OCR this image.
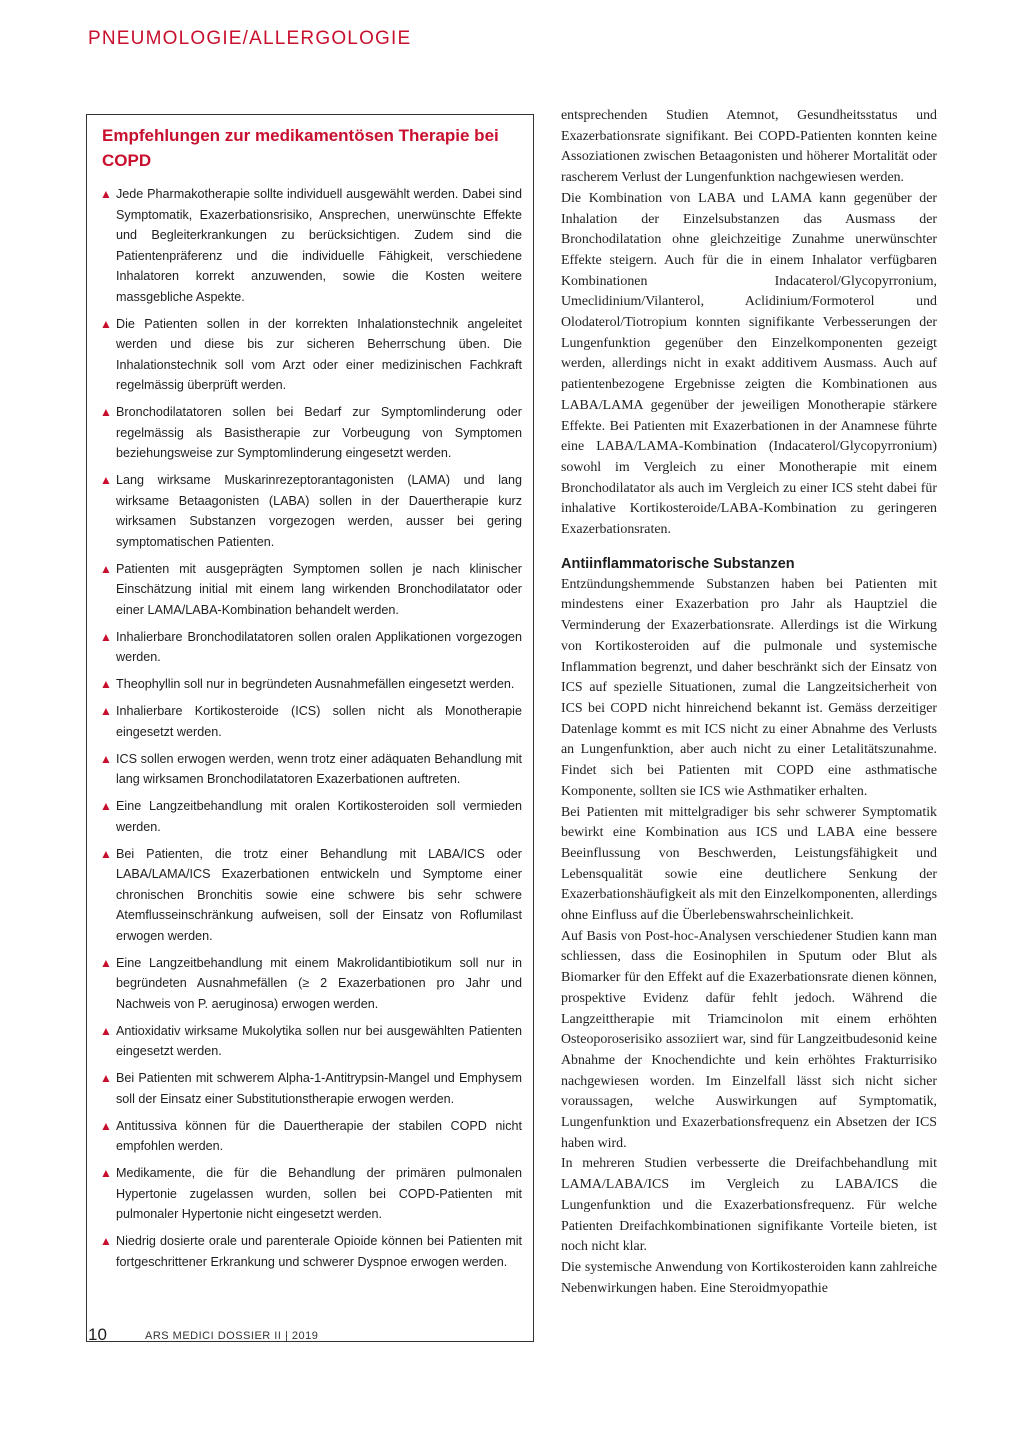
PNEUMOLOGIE/ALLERGOLOGIE
Empfehlungen zur medikamentösen Therapie bei COPD
▲ Jede Pharmakotherapie sollte individuell ausgewählt werden. Dabei sind Symptomatik, Exazerbationsrisiko, Ansprechen, unerwünschte Effekte und Begleiterkrankungen zu berücksichtigen. Zudem sind die Patientenpräferenz und die individuelle Fähigkeit, verschiedene Inhalatoren korrekt anzuwenden, sowie die Kosten weitere massgebliche Aspekte.
▲ Die Patienten sollen in der korrekten Inhalationstechnik angeleitet werden und diese bis zur sicheren Beherrschung üben. Die Inhalationstechnik soll vom Arzt oder einer medizinischen Fachkraft regelmässig überprüft werden.
▲ Bronchodilatatoren sollen bei Bedarf zur Symptomlinderung oder regelmässig als Basistherapie zur Vorbeugung von Symptomen beziehungsweise zur Symptomlinderung eingesetzt werden.
▲ Lang wirksame Muskarinrezeptorantagonisten (LAMA) und lang wirksame Betaagonisten (LABA) sollen in der Dauertherapie kurz wirksamen Substanzen vorgezogen werden, ausser bei gering symptomatischen Patienten.
▲ Patienten mit ausgeprägten Symptomen sollen je nach klinischer Einschätzung initial mit einem lang wirkenden Bronchodilatator oder einer LAMA/LABA-Kombination behandelt werden.
▲ Inhalierbare Bronchodilatatoren sollen oralen Applikationen vorgezogen werden.
▲ Theophyllin soll nur in begründeten Ausnahmefällen eingesetzt werden.
▲ Inhalierbare Kortikosteroide (ICS) sollen nicht als Monotherapie eingesetzt werden.
▲ ICS sollen erwogen werden, wenn trotz einer adäquaten Behandlung mit lang wirksamen Bronchodilatatoren Exazerbationen auftreten.
▲ Eine Langzeitbehandlung mit oralen Kortikosteroiden soll vermieden werden.
▲ Bei Patienten, die trotz einer Behandlung mit LABA/ICS oder LABA/LAMA/ICS Exazerbationen entwickeln und Symptome einer chronischen Bronchitis sowie eine schwere bis sehr schwere Atemflusseinschränkung aufweisen, soll der Einsatz von Roflumilast erwogen werden.
▲ Eine Langzeitbehandlung mit einem Makrolidantibiotikum soll nur in begründeten Ausnahmefällen (≥ 2 Exazerbationen pro Jahr und Nachweis von P. aeruginosa) erwogen werden.
▲ Antioxidativ wirksame Mukolytika sollen nur bei ausgewählten Patienten eingesetzt werden.
▲ Bei Patienten mit schwerem Alpha-1-Antitrypsin-Mangel und Emphysem soll der Einsatz einer Substitutionstherapie erwogen werden.
▲ Antitussiva können für die Dauertherapie der stabilen COPD nicht empfohlen werden.
▲ Medikamente, die für die Behandlung der primären pulmonalen Hypertonie zugelassen wurden, sollen bei COPD-Patienten mit pulmonaler Hypertonie nicht eingesetzt werden.
▲ Niedrig dosierte orale und parenterale Opioide können bei Patienten mit fortgeschrittener Erkrankung und schwerer Dyspnoe erwogen werden.

entsprechenden Studien Atemnot, Gesundheitsstatus und Exazerbationsrate signifikant. Bei COPD-Patienten konnten keine Assoziationen zwischen Betaagonisten und höherer Mortalität oder rascherem Verlust der Lungenfunktion nachgewiesen werden.

Die Kombination von LABA und LAMA kann gegenüber der Inhalation der Einzelsubstanzen das Ausmass der Bronchodilatation ohne gleichzeitige Zunahme unerwünschter Effekte steigern. Auch für die in einem Inhalator verfügbaren Kombinationen Indacaterol/Glycopyrronium, Umeclidinium/Vilanterol, Aclidinium/Formoterol und Olodaterol/Tiotropium konnten signifikante Verbesserungen der Lungenfunktion gegenüber den Einzelkomponenten gezeigt werden, allerdings nicht in exakt additivem Ausmass. Auch auf patientenbezogene Ergebnisse zeigten die Kombinationen aus LABA/LAMA gegenüber der jeweiligen Monotherapie stärkere Effekte. Bei Patienten mit Exazerbationen in der Anamnese führte eine LABA/LAMA-Kombination (Indacaterol/Glycopyrronium) sowohl im Vergleich zu einer Monotherapie mit einem Bronchodilatator als auch im Vergleich zu einer ICS steht dabei für inhalative Kortikosteroide/LABA-Kombination zu geringeren Exazerbationsraten.

Antiinflammatorische Substanzen

Entzündungshemmende Substanzen haben bei Patienten mit mindestens einer Exazerbation pro Jahr als Hauptziel die Verminderung der Exazerbationsrate. Allerdings ist die Wirkung von Kortikosteroiden auf die pulmonale und systemische Inflammation begrenzt, und daher beschränkt sich der Einsatz von ICS auf spezielle Situationen, zumal die Langzeitsicherheit von ICS bei COPD nicht hinreichend bekannt ist. Gemäss derzeitiger Datenlage kommt es mit ICS nicht zu einer Abnahme des Verlusts an Lungenfunktion, aber auch nicht zu einer Letalitätszunahme. Findet sich bei Patienten mit COPD eine asthmatische Komponente, sollten sie ICS wie Asthmatiker erhalten.

Bei Patienten mit mittelgradiger bis sehr schwerer Symptomatik bewirkt eine Kombination aus ICS und LABA eine bessere Beeinflussung von Beschwerden, Leistungsfähigkeit und Lebensqualität sowie eine deutlichere Senkung der Exazerbationshäufigkeit als mit den Einzelkomponenten, allerdings ohne Einfluss auf die Überlebenswahrscheinlichkeit.

Auf Basis von Post-hoc-Analysen verschiedener Studien kann man schliessen, dass die Eosinophilen in Sputum oder Blut als Biomarker für den Effekt auf die Exazerbationsrate dienen können, prospektive Evidenz dafür fehlt jedoch. Während die Langzeittherapie mit Triamcinolon mit einem erhöhten Osteoporoserisiko assoziiert war, sind für Langzeitbudesonid keine Abnahme der Knochendichte und kein erhöhtes Frakturrisiko nachgewiesen worden. Im Einzelfall lässt sich nicht sicher voraussagen, welche Auswirkungen auf Symptomatik, Lungenfunktion und Exazerbationsfrequenz ein Absetzen der ICS haben wird.

In mehreren Studien verbesserte die Dreifachbehandlung mit LAMA/LABA/ICS im Vergleich zu LABA/ICS die Lungenfunktion und die Exazerbationsfrequenz. Für welche Patienten Dreifachkombinationen signifikante Vorteile bieten, ist noch nicht klar.

Die systemische Anwendung von Kortikosteroiden kann zahlreiche Nebenwirkungen haben. Eine Steroidmyopathie

10	ARS MEDICI DOSSIER II | 2019
